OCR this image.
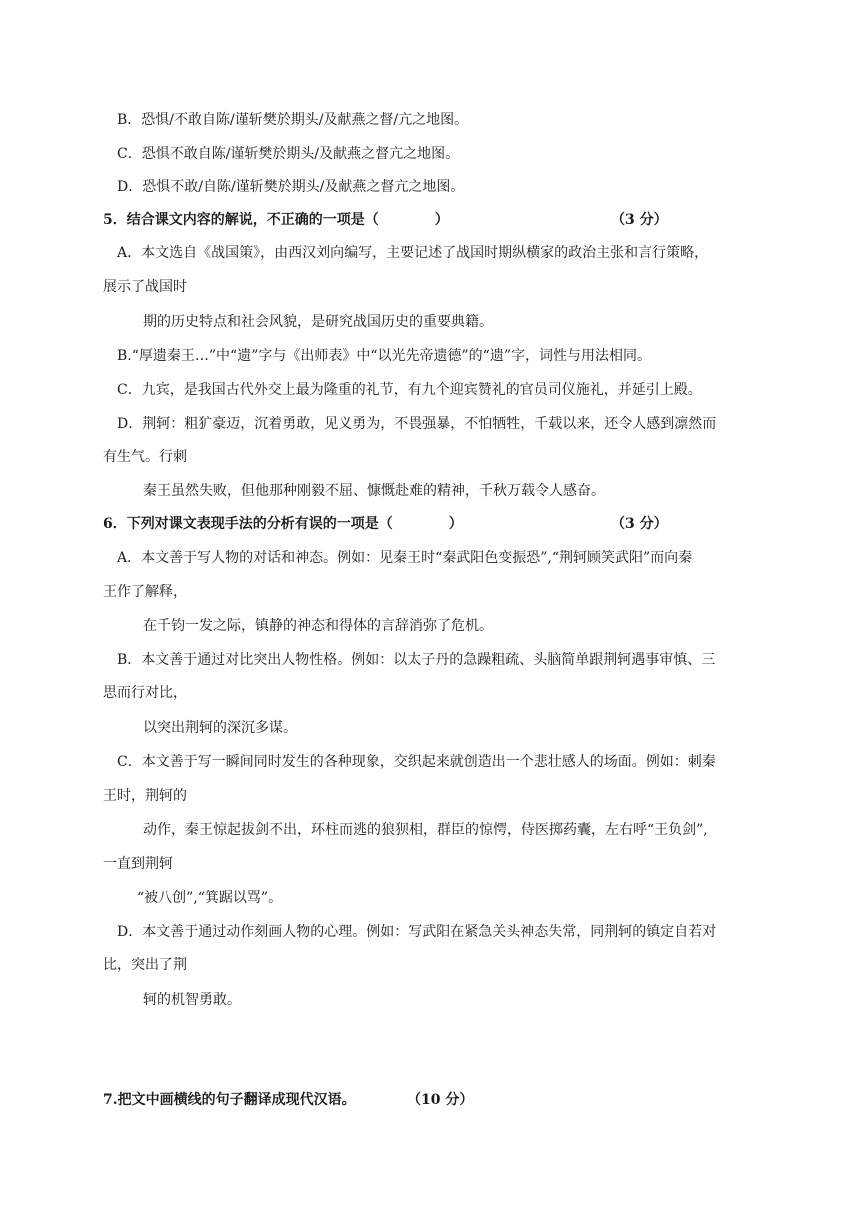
B．恐惧/不敢自陈/谨斩樊於期头/及献燕之督/亢之地图。
C．恐惧不敢自陈/谨斩樊於期头/及献燕之督亢之地图。
D．恐惧不敢/自陈/谨斩樊於期头/及献燕之督亢之地图。
5．结合课文内容的解说，不正确的一项是（　　　　）	（3 分）
A．本文选自《战国策》，由西汉刘向编写，主要记述了战国时期纵横家的政治主张和言行策略，
展示了战国时
期的历史特点和社会风貌，是研究战国历史的重要典籍。
B.“厚遗秦王…”中“遗”字与《出师表》中“以光先帝遗德”的“遗”字，词性与用法相同。
C．九宾，是我国古代外交上最为隆重的礼节，有九个迎宾赞礼的官员司仪施礼，并延引上殿。
D．荆轲：粗犷豪迈，沉着勇敢，见义勇为，不畏强暴，不怕牺牲，千载以来，还令人感到凛然而
有生气。行刺
秦王虽然失败，但他那种刚毅不屈、慷慨赴难的精神，千秋万载令人感奋。
6．下列对课文表现手法的分析有误的一项是（　　　　）	（3 分）
A．本文善于写人物的对话和神态。例如：见秦王时“秦武阳色变振恐”,“荆轲顾笑武阳”而向秦
王作了解释，
在千钧一发之际，镇静的神态和得体的言辞消弥了危机。
B．本文善于通过对比突出人物性格。例如：以太子丹的急躁粗疏、头脑简单跟荆轲遇事审慎、三
思而行对比，
以突出荆轲的深沉多谋。
C．本文善于写一瞬间同时发生的各种现象，交织起来就创造出一个悲壮感人的场面。例如：刺秦
王时，荆轲的
动作，秦王惊起拔剑不出，环柱而逃的狼狈相，群臣的惊愕，侍医掷药囊，左右呼“王负剑”,
一直到荆轲
“被八创”,“箕踞以骂”。
D．本文善于通过动作刻画人物的心理。例如：写武阳在紧急关头神态失常，同荆轲的镇定自若对
比，突出了荆
轲的机智勇敢。
7.把文中画横线的句子翻译成现代汉语。	（10 分）
